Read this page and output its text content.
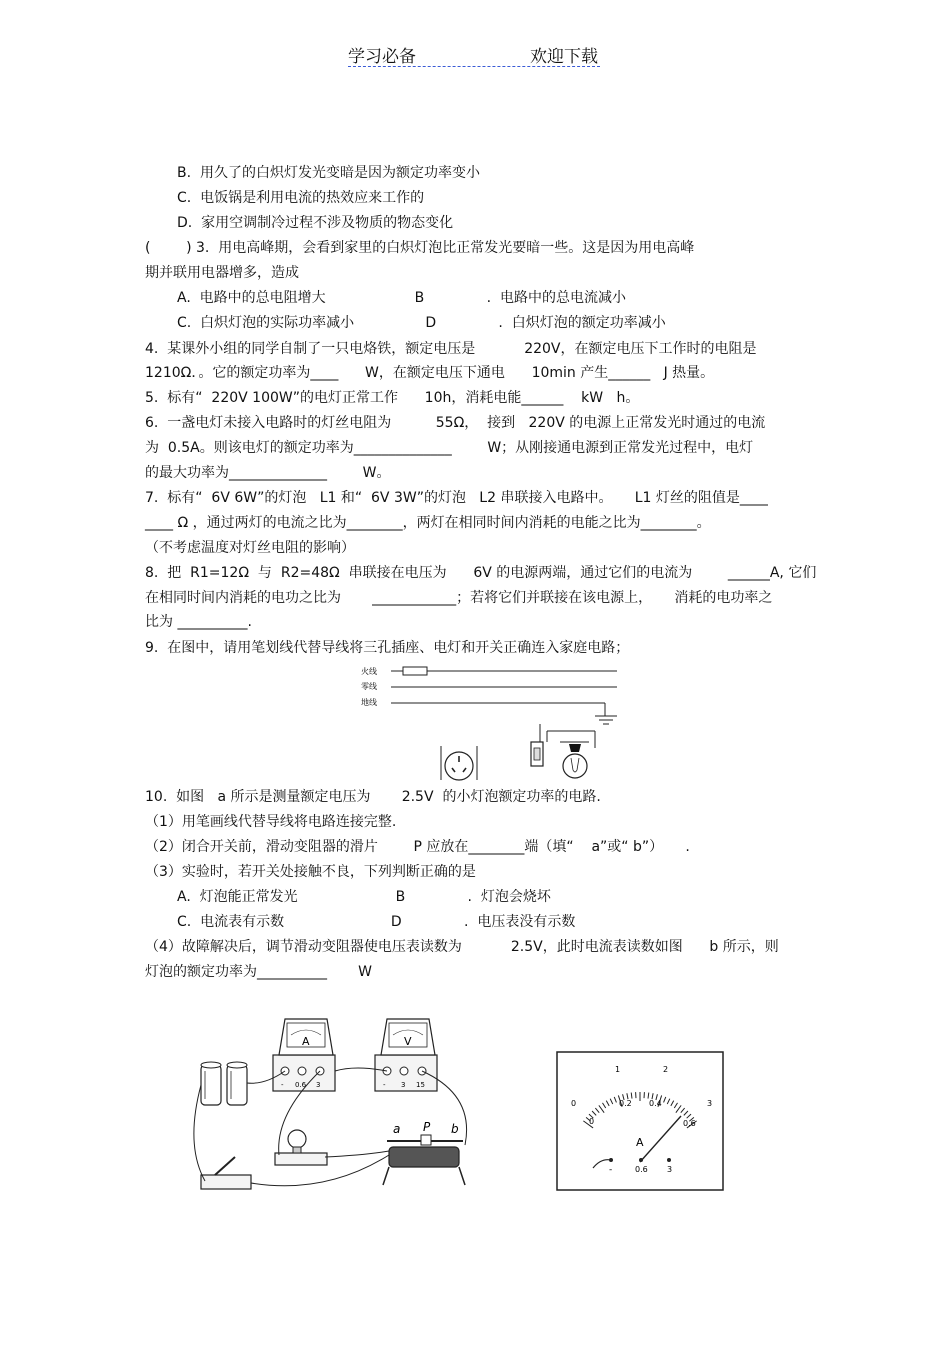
学习必备	欢迎下载
B.  用久了的白炽灯发光变暗是因为额定功率变小
C.  电饭锅是利用电流的热效应来工作的
D.  家用空调制冷过程不涉及物质的物态变化
(        ) 3.  用电高峰期，会看到家里的白炽灯泡比正常发光要暗一些。这是因为用电高峰
期并联用电器增多，造成
A.  电路中的总电阻增大                    B              .  电路中的总电流减小
C.  白炽灯泡的实际功率减小                D              .  白炽灯泡的额定功率减小
4.  某课外小组的同学自制了一只电烙铁，额定电压是           220V，在额定电压下工作时的电阻是
1210Ω．。它的额定功率为____      W，在额定电压下通电      10min 产生______   J 热量。
5.  标有“  220V 100W”的电灯正常工作      10h，消耗电能______    kW   h。
6.  一盏电灯未接入电路时的灯丝电阻为          55Ω，  接到   220V 的电源上正常发光时通过的电流
为  0.5A。则该电灯的额定功率为______________        W；从刚接通电源到正常发光过程中，电灯
的最大功率为______________        W。
7.  标有“  6V 6W”的灯泡   L1 和“  6V 3W”的灯泡   L2 串联接入电路中。     L1 灯丝的阻值是____
____ Ω ，通过两灯的电流之比为________，两灯在相同时间内消耗的电能之比为________。
（不考虑温度对灯丝电阻的影响）
8.  把  R1=12Ω  与  R2=48Ω  串联接在电压为      6V 的电源两端，通过它们的电流为        ______A, 它们
在相同时间内消耗的电功之比为       ____________；若将它们并联接在该电源上，     消耗的电功率之
比为 __________.
9.  在图中，请用笔划线代替导线将三孔插座、电灯和开关正确连入家庭电路；
火线
零线
地线
10.  如图   a 所示是测量额定电压为       2.5V  的小灯泡额定功率的电路.
（1）用笔画线代替导线将电路连接完整.
（2）闭合开关前，滑动变阻器的滑片        P 应放在________端（填“    a”或“ b”）     .
（3）实验时，若开关处接触不良，下列判断正确的是
A.  灯泡能正常发光                      B              .  灯泡会烧坏
C.  电流表有示数                        D              .  电压表没有示数
（4）故障解决后，调节滑动变阻器使电压表读数为           2.5V，此时电流表读数如图      b 所示，则
灯泡的额定功率为__________       W
A
- 0.6 3
V
- 3 15
a P b
0
1	2
3
0
0.2 0.4
0.6
A
-	0.6 3
